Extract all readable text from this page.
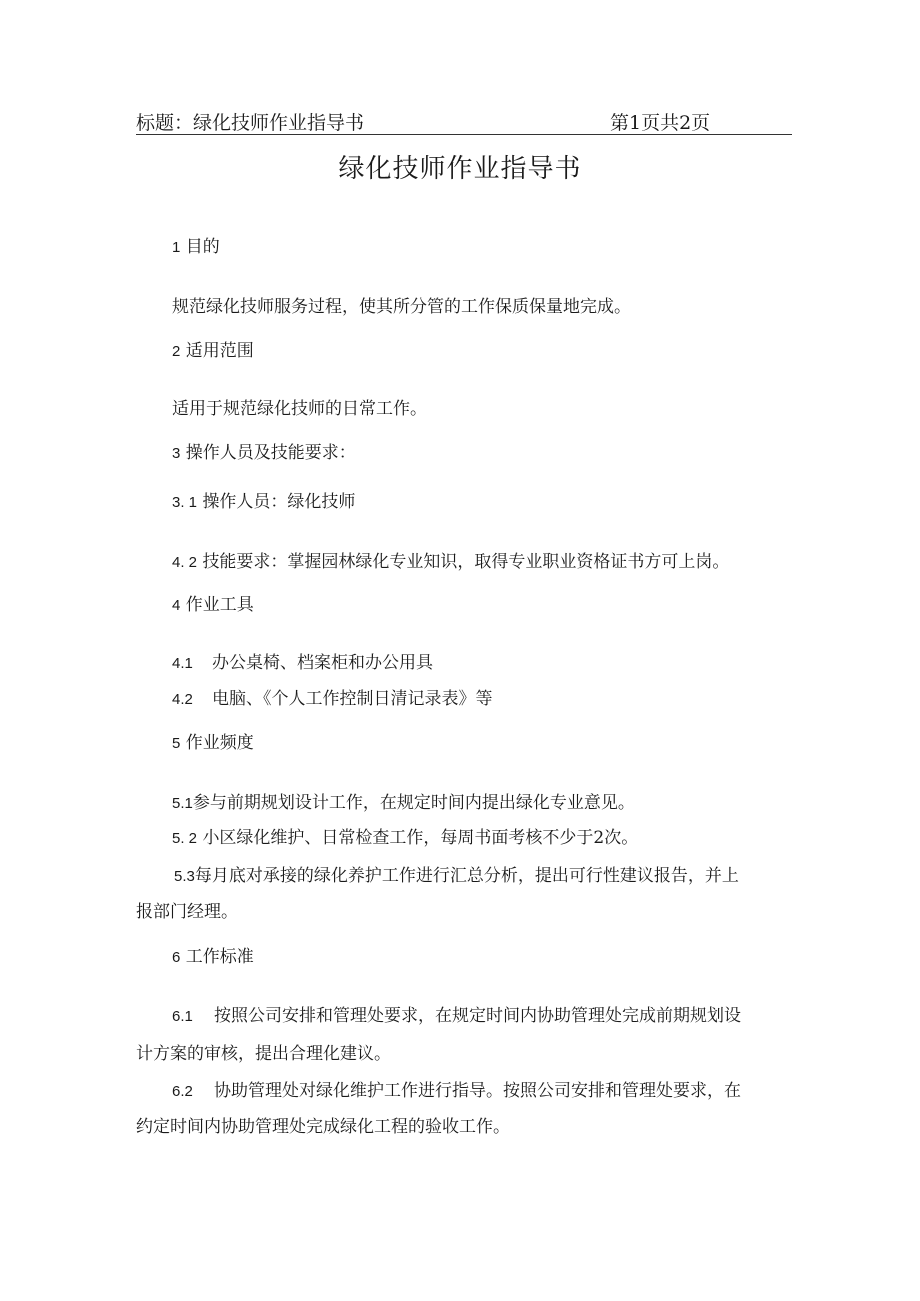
标题：绿化技师作业指导书	第1页共2页
绿化技师作业指导书
1 目的
规范绿化技师服务过程，使其所分管的工作保质保量地完成。
2 适用范围
适用于规范绿化技师的日常工作。
3 操作人员及技能要求：
3. 1 操作人员：绿化技师
4. 2 技能要求：掌握园林绿化专业知识，取得专业职业资格证书方可上岗。
4 作业工具
4.1 办公桌椅、档案柜和办公用具
4.2 电脑、《个人工作控制日清记录表》等
5 作业频度
5.1参与前期规划设计工作，在规定时间内提出绿化专业意见。
5. 2 小区绿化维护、日常检查工作，每周书面考核不少于2次。
5.3每月底对承接的绿化养护工作进行汇总分析，提出可行性建议报告，并上
报部门经理。
6 工作标准
6.1 按照公司安排和管理处要求，在规定时间内协助管理处完成前期规划设
计方案的审核，提出合理化建议。
6.2 协助管理处对绿化维护工作进行指导。按照公司安排和管理处要求，在
约定时间内协助管理处完成绿化工程的验收工作。
